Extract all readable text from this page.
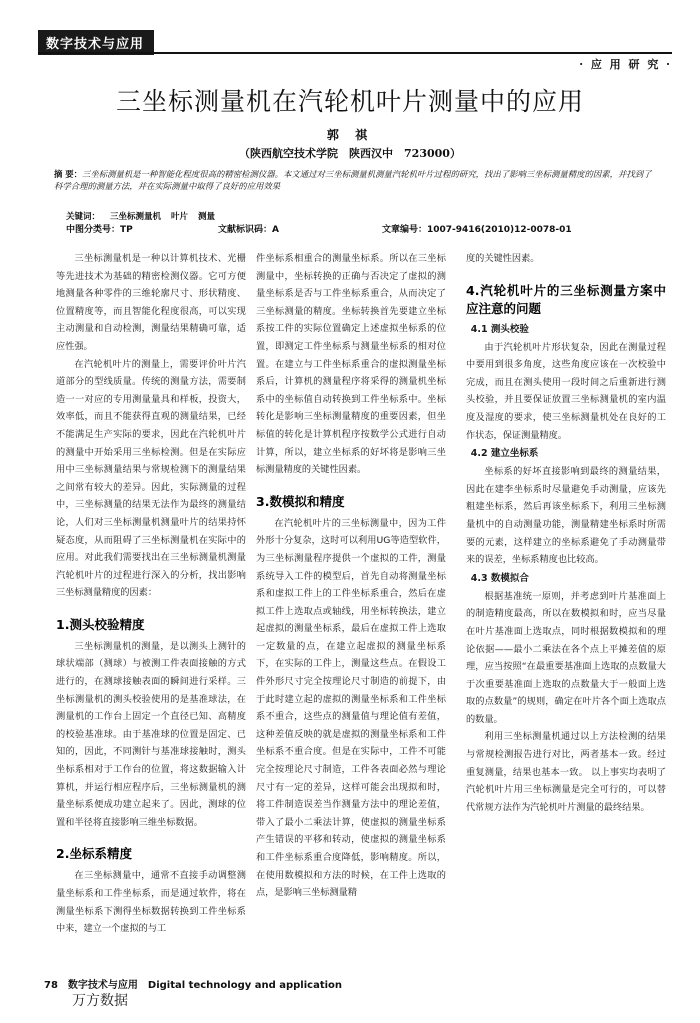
数字技术与应用
· 应 用 研 究 ·
三坐标测量机在汽轮机叶片测量中的应用
郭 祺
（陕西航空技术学院　陕西汉中　723000）
摘 要：三坐标测量机是一种智能化程度很高的精密检测仪器。本文通过对三坐标测量机测量汽轮机叶片过程的研究，找出了影响三坐标测量精度的因素，并找到了科学合理的测量方法，并在实际测量中取得了良好的应用效果
关键词： 三坐标测量机 叶片 测量
中图分类号：TP	文献标识码：A	文章编号：1007-9416(2010)12-0078-01

三坐标测量机是一种以计算机技术、光栅等先进技术为基础的精密检测仪器。它可方便地测量各种零件的三维轮廓尺寸、形状精度、位置精度等，而且智能化程度很高，可以实现主动测量和自动检测，测量结果精确可靠，适应性强。

在汽轮机叶片的测量上，需要评价叶片汽道部分的型线质量。传统的测量方法，需要制造一一对应的专用测量量具和样板，投资大，效率低，而且不能获得直观的测量结果，已经不能满足生产实际的要求，因此在汽轮机叶片的测量中开始采用三坐标检测。但是在实际应用中三坐标测量结果与常规检测下的测量结果之间常有较大的差异。因此，实际测量的过程中，三坐标测量的结果无法作为最终的测量结论，人们对三坐标测量机测量叶片的结果持怀疑态度，从而阻碍了三坐标测量机在实际中的应用。对此我们需要找出在三坐标测量机测量汽轮机叶片的过程进行深入的分析，找出影响三坐标测量精度的因素：

1.测头校验精度

三坐标测量机的测量，是以测头上测针的球状端部（测球）与被测工件表面接触的方式进行的，在测球接触表面的瞬间进行采样。三坐标测量机的测头校验使用的是基准球法，在测量机的工作台上固定一个直径已知、高精度的校验基准球。由于基准球的位置是固定、已知的，因此，不同测针与基准球接触时，测头坐标系相对于工作台的位置，将这数据输入计算机，并运行相应程序后，三坐标测量机的测量坐标系便成功建立起来了。因此，测球的位置和半径将直接影响三维坐标数据。

2.坐标系精度

在三坐标测量中，通常不直接手动调整测量坐标系和工件坐标系，而是通过软件，将在测量坐标系下测得坐标数据转换到工件坐标系中来，建立一个虚拟的与工

件坐标系相重合的测量坐标系。所以在三坐标测量中，坐标转换的正确与否决定了虚拟的测量坐标系是否与工件坐标系重合，从而决定了三坐标测量的精度。坐标转换首先要建立坐标系按工件的实际位置确定上述虚拟坐标系的位置，即测定工件坐标系与测量坐标系的相对位置。在建立与工件坐标系重合的虚拟测量坐标系后，计算机的测量程序将采得的测量机坐标系中的坐标值自动转换到工件坐标系中。坐标转化是影响三坐标测量精度的重要因素，但坐标值的转化是计算机程序按数学公式进行自动计算，所以，建立坐标系的好坏将是影响三坐标测量精度的关键性因素。

3.数模拟和精度

在汽轮机叶片的三坐标测量中，因为工件外形十分复杂，这时可以利用UG等造型软件，为三坐标测量程序提供一个虚拟的工件，测量系统导入工件的模型后，首先自动将测量坐标系和虚拟工件上的工件坐标系重合，然后在虚拟工件上选取点或轴线，用坐标转换法，建立起虚拟的测量坐标系，最后在虚拟工件上选取一定数量的点，在建立起虚拟的测量坐标系下，在实际的工件上，测量这些点。在假设工件外形尺寸完全按理论尺寸制造的前提下，由于此时建立起的虚拟的测量坐标系和工件坐标系不重合，这些点的测量值与理论值有差值，这种差值反映的就是虚拟的测量坐标系和工件坐标系不重合度。但是在实际中，工件不可能完全按理论尺寸制造，工件各表面必然与理论尺寸有一定的差异，这样可能会出现拟和时，将工件制造误差当作测量方法中的理论差值，带入了最小二乘法计算，使虚拟的测量坐标系产生错误的平移和转动，使虚拟的测量坐标系和工件坐标系重合度降低，影响精度。所以，在使用数模拟和方法的时候，在工件上选取的点，是影响三坐标测量精

度的关键性因素。

4.汽轮机叶片的三坐标测量方案中应注意的问题
4.1 测头校验

由于汽轮机叶片形状复杂，因此在测量过程中要用到很多角度，这些角度应该在一次校验中完成，而且在测头使用一段时间之后重新进行测头校验，并且要保证放置三坐标测量机的室内温度及湿度的要求，使三坐标测量机处在良好的工作状态，保证测量精度。

4.2 建立坐标系

坐标系的好坏直接影响到最终的测量结果，因此在建李坐标系时尽量避免手动测量，应该先粗建坐标系，然后再该坐标系下，利用三坐标测量机中的自动测量功能，测量精建坐标系时所需要的元素，这样建立的坐标系避免了手动测量带来的误差，坐标系精度也比较高。

4.3 数模拟合

根据基准统一原则，并考虑到叶片基准面上的制造精度最高，所以在数模拟和时，应当尽量在叶片基准面上选取点，同时根据数模拟和的理论依据——最小二乘法在各个点上平摊差值的原理，应当按照“在最重要基准面上选取的点数量大于次重要基准面上选取的点数量大于一般面上选取的点数量”的规则，确定在叶片各个面上选取点的数量。

利用三坐标测量机通过以上方法检测的结果与常规检测报告进行对比，两者基本一致。经过重复测量，结果也基本一致。 以上事实均表明了汽轮机叶片用三坐标测量是完全可行的，可以替代常规方法作为汽轮机叶片测量的最终结果。

78 数字技术与应用 Digital technology and application
万方数据
